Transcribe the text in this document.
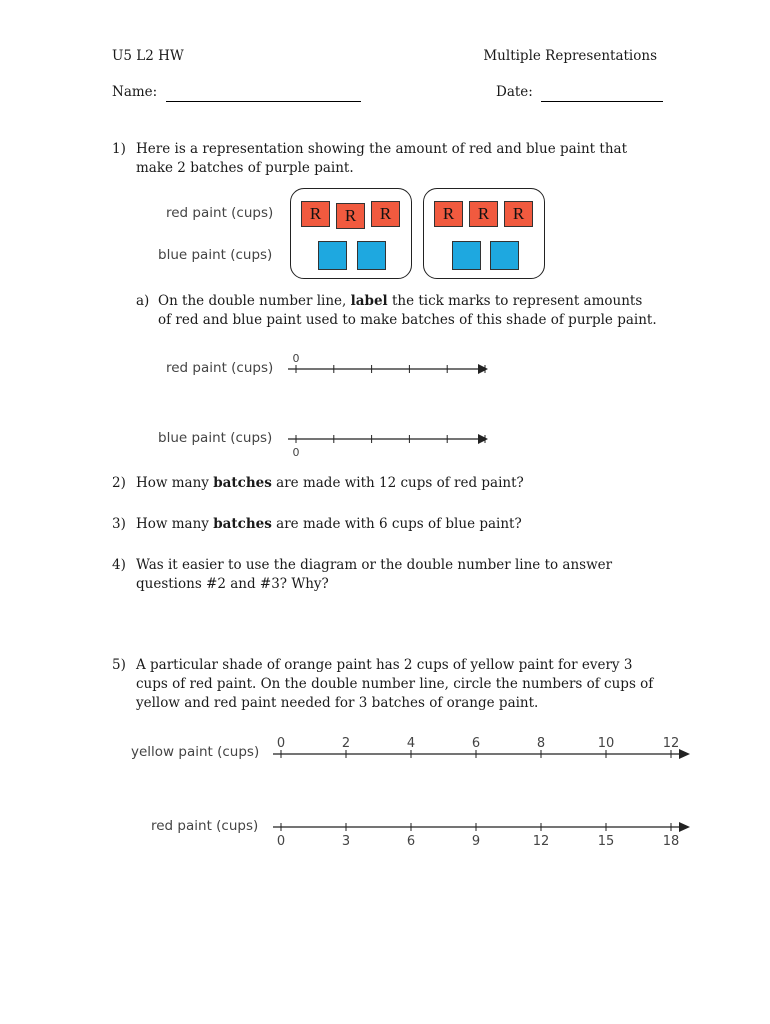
U5 L2 HW	Multiple Representations
Name:	Date:
1) Here is a representation showing the amount of red and blue paint that make 2 batches of purple paint.
red paint (cups)
blue paint (cups)
R	R	R	R	R	R
a) On the double number line, label the tick marks to represent amounts of red and blue paint used to make batches of this shade of purple paint.
red paint (cups)
blue paint (cups)
0
0
2) How many batches are made with 12 cups of red paint?
3) How many batches are made with 6 cups of blue paint?
4) Was it easier to use the diagram or the double number line to answer questions #2 and #3? Why?
5) A particular shade of orange paint has 2 cups of yellow paint for every 3 cups of red paint. On the double number line, circle the numbers of cups of yellow and red paint needed for 3 batches of orange paint.
yellow paint (cups)
red paint (cups)
0	2	4	6	8	10	12
0	3	6	9	12	15	18
